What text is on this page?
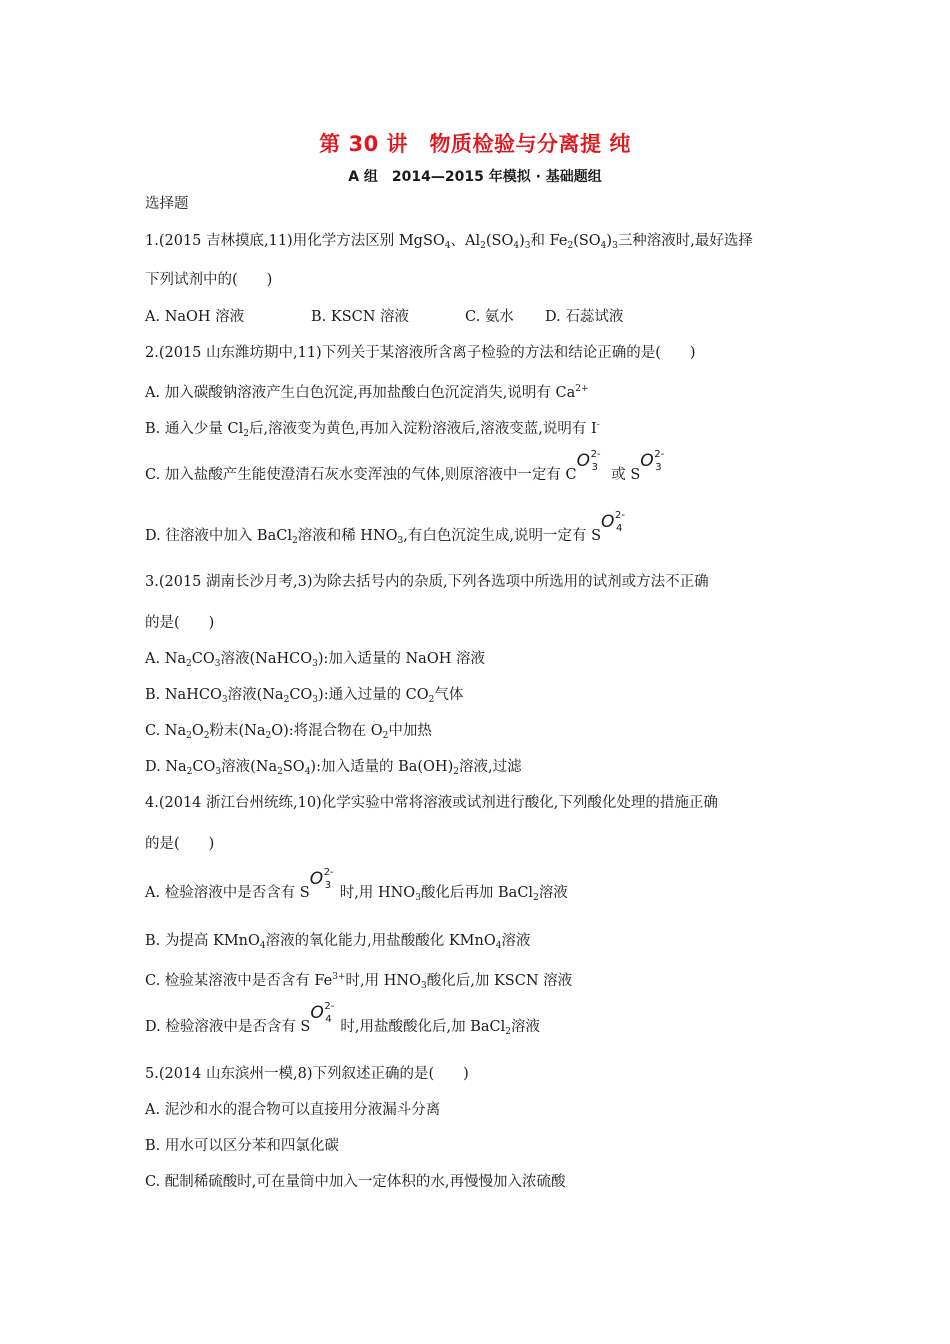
第 30 讲　物质检验与分离提 纯
A 组　2014—2015 年模拟 · 基础题组
选择题
1.(2015 吉林摸底,11)用化学方法区别 MgSO$_4$、$Al_2(SO_4)_3$和 $Fe_2(SO_4)_3$三种溶液时,最好选择
下列试剂中的(　　)
A. NaOH 溶液	B. KSCN 溶液	C. 氨水 D. 石蕊试液
2.(2015 山东潍坊期中,11)下列关于某溶液所含离子检验的方法和结论正确的是(　　)
A. 加入碳酸钠溶液产生白色沉淀,再加盐酸白色沉淀消失,说明有 $Ca^{2+}$
B. 通入少量 $Cl_2$后,溶液变为黄色,再加入淀粉溶液后,溶液变蓝,说明有 I-
C. 加入盐酸产生能使澄清石灰水变浑浊的气体,则原溶液中一定有 C
O 2-
3 或 S
O 2-
3
D. 往溶液中加入 BaCl$_2$溶液和稀 $HNO_3$,有白色沉淀生成,说明一定有 S
O 2-
4
3.(2015 湖南长沙月考,3)为除去括号内的杂质,下列各选项中所选用的试剂或方法不正确
的是(　　)
A. $Na_2CO_3$溶液(NaHCO$_3$):加入适量的 NaOH 溶液
B. NaHCO$_3$溶液$(Na_2CO_3)$:通入过量的 $CO_2$气体
C. $Na_2O_2$粉末$(Na_2O)$:将混合物在 $O_2$中加热
D. $Na_2CO_3$溶液$(Na_2SO_4)$:加入适量的 $Ba(OH)_2$溶液,过滤
4.(2014 浙江台州统练,10)化学实验中常将溶液或试剂进行酸化,下列酸化处理的措施正确
的是(　　)
A. 检验溶液中是否含有 S
O 2-
3 时,用 $HNO_3$酸化后再加 BaCl$_2$溶液
B. 为提高 KMnO$_4$溶液的氧化能力,用盐酸酸化 KMnO$_4$溶液
C. 检验某溶液中是否含有 $Fe^{3+}$时,用 $HNO_3$酸化后,加 KSCN 溶液
D. 检验溶液中是否含有 S
O 2-
4 时,用盐酸酸化后,加 BaCl$_2$溶液
5.(2014 山东滨州一模,8)下列叙述正确的是(　　)
A. 泥沙和水的混合物可以直接用分液漏斗分离
B. 用水可以区分苯和四氯化碳
C. 配制稀硫酸时,可在量筒中加入一定体积的水,再慢慢加入浓硫酸
